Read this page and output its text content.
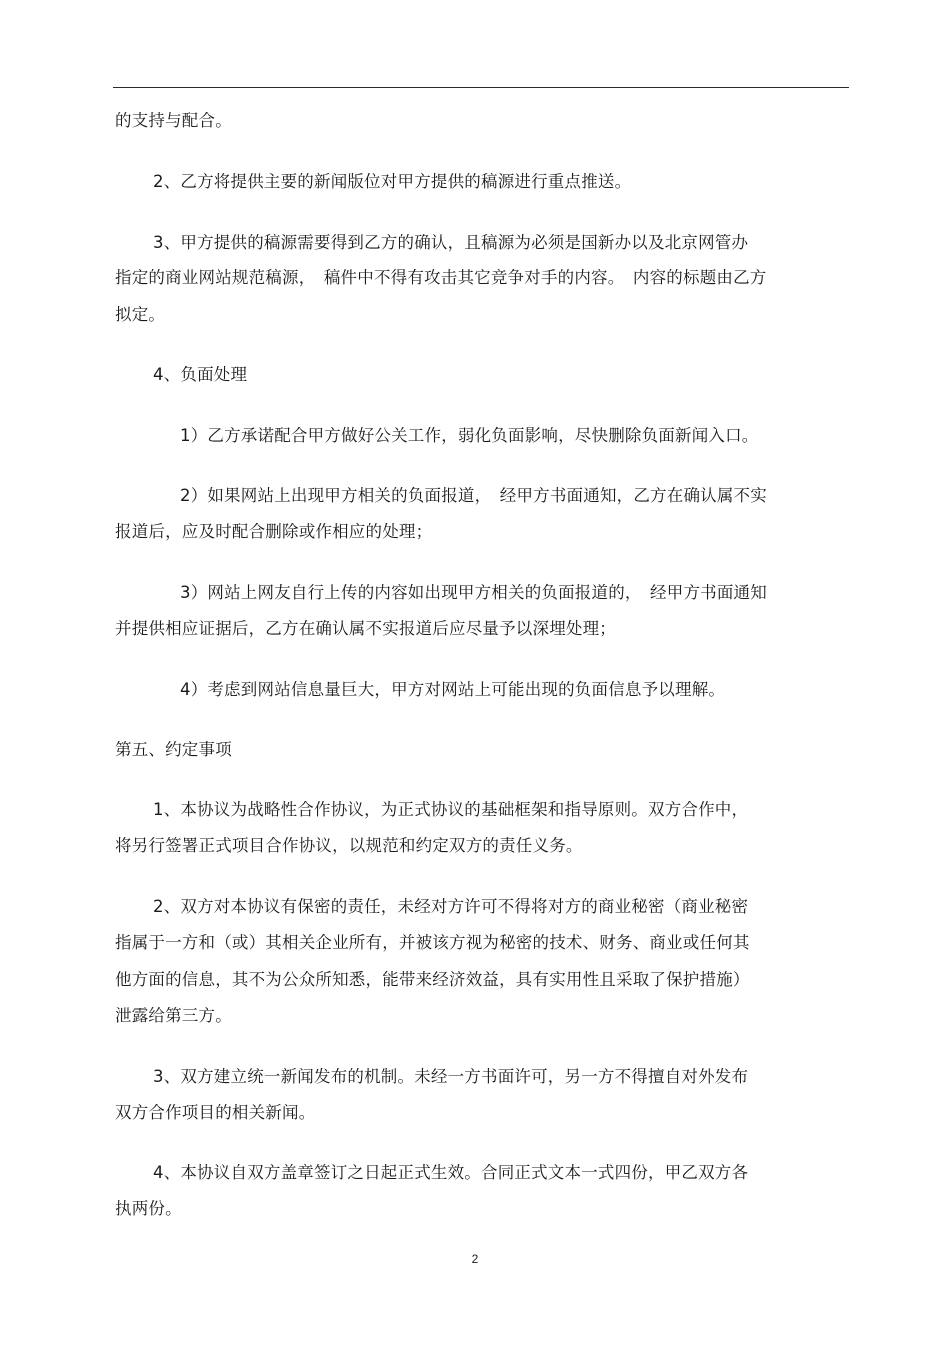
的支持与配合。
2、乙方将提供主要的新闻版位对甲方提供的稿源进行重点推送。
3、甲方提供的稿源需要得到乙方的确认，且稿源为必须是国新办以及北京网管办
指定的商业网站规范稿源，　稿件中不得有攻击其它竞争对手的内容。　内容的标题由乙方
拟定。
4、负面处理
1）乙方承诺配合甲方做好公关工作，弱化负面影响，尽快删除负面新闻入口。
2）如果网站上出现甲方相关的负面报道，　经甲方书面通知，乙方在确认属不实
报道后，应及时配合删除或作相应的处理；
3）网站上网友自行上传的内容如出现甲方相关的负面报道的，　经甲方书面通知
并提供相应证据后，乙方在确认属不实报道后应尽量予以深埋处理；
4）考虑到网站信息量巨大，甲方对网站上可能出现的负面信息予以理解。
第五、约定事项
1、本协议为战略性合作协议，为正式协议的基础框架和指导原则。双方合作中，
将另行签署正式项目合作协议，以规范和约定双方的责任义务。
2、双方对本协议有保密的责任，未经对方许可不得将对方的商业秘密（商业秘密
指属于一方和（或）其相关企业所有，并被该方视为秘密的技术、财务、商业或任何其
他方面的信息，其不为公众所知悉，能带来经济效益，具有实用性且采取了保护措施）
泄露给第三方。
3、双方建立统一新闻发布的机制。未经一方书面许可，另一方不得擅自对外发布
双方合作项目的相关新闻。
4、本协议自双方盖章签订之日起正式生效。合同正式文本一式四份，甲乙双方各
执两份。
2
